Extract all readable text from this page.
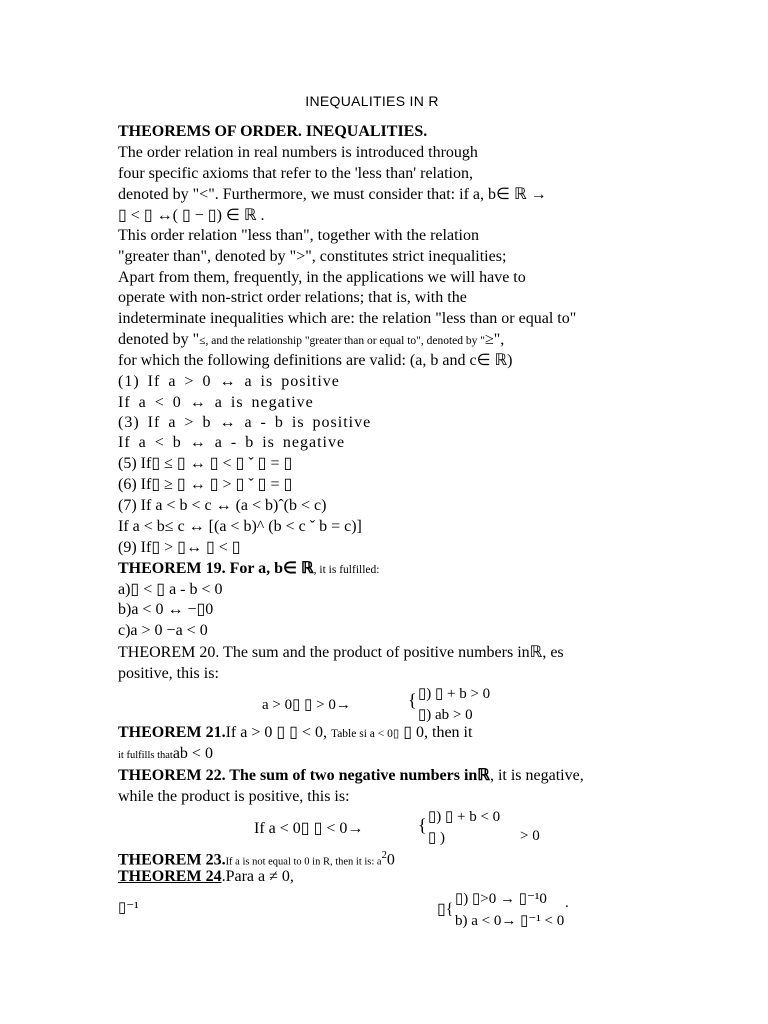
INEQUALITIES IN R
THEOREMS OF ORDER. INEQUALITIES.
The order relation in real numbers is introduced through
four specific axioms that refer to the 'less than' relation,
denoted by "<". Furthermore, we must consider that: if a, b∈ ℝ →
▯ ˂ ▯ ↔( ▯ − ▯) ∈ ℝ .
This order relation "less than", together with the relation
"greater than", denoted by ">", constitutes strict inequalities;
Apart from them, frequently, in the applications we will have to
operate with non-strict order relations; that is, with the
indeterminate inequalities which are: the relation "less than or equal to"
denoted by "≤, and the relationship "greater than or equal to", denoted by "≥",
for which the following definitions are valid: (a, b and c∈ ℝ)
(1) If a > 0 ↔ a is positive
If a < 0 ↔ a is negative
(3) If a > b ↔ a - b is positive
If a < b ↔ a - b is negative
(5) If▯ ≤ ▯ ↔ ▯ < ▯ ˇ ▯ = ▯
(6) If▯ ≥ ▯ ↔ ▯ > ▯ ˇ ▯ = ▯
(7) If a < b < c ↔ (a < b)ˆ(b < c)
If a < b≤ c ↔ [(a < b)^ (b < c ˇ b = c)]
(9) If▯ > ▯↔ ▯ < ▯
THEOREM 19. For a, b∈ ℝ, it is fulfilled:
a)▯ < ▯ a - b < 0
b)a < 0 ↔ −▯0
c)a > 0 −a < 0
THEOREM 20. The sum and the product of positive numbers inℝ, es
positive, this is:
a > 0▯ ▯ > 0→	{ ▯) ▯ + b > 0
▯) ab > 0
THEOREM 21.If a > 0 ▯ ▯ < 0, Table si a < 0▯ ▯ 0, then it
it fulfills thatab < 0
THEOREM 22. The sum of two negative numbers inℝ, it is negative,
while the product is positive, this is:
If a < 0▯ ▯ < 0→	{ ▯) ▯ + b < 0
▯ )	> 0
THEOREM 23.If a is not equal to 0 in R, then it is: $a^20$
THEOREM 24.Para a ≠ 0,
▯⁻¹	▯{
▯) ▯>0 → ▯⁻¹0 .
b) a < 0→ ▯⁻¹ < 0
